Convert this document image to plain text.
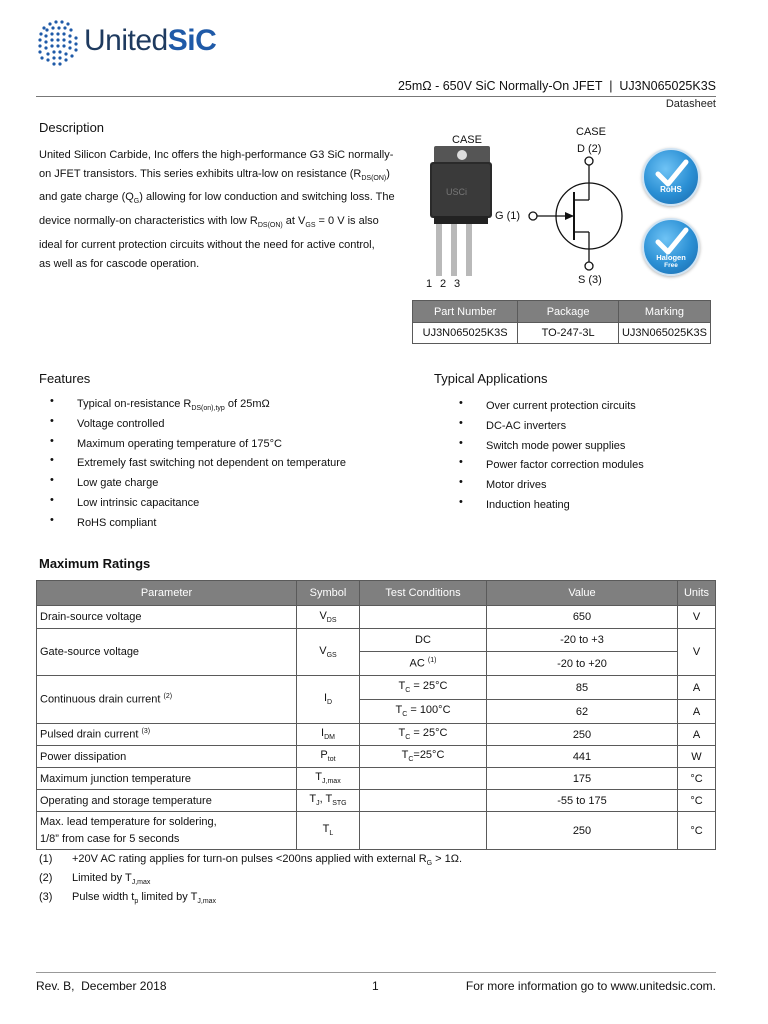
UnitedSiC
25mΩ - 650V SiC Normally-On JFET  |  UJ3N065025K3S
Datasheet
Description
United Silicon Carbide, Inc offers the high-performance G3 SiC normally-
on JFET transistors. This series exhibits ultra-low on resistance $(R_{DS(ON)})$
and gate charge $(Q_G)$ allowing for low conduction and switching loss. The
device normally-on characteristics with low $R_{DS(ON)}$ at $V_{GS} = 0$ V is also
ideal for current protection circuits without the need for active control,
as well as for cascode operation.
CASE
USCi
1 2 3
CASE
D (2)
G (1)
S (3)
RoHS
Halogen
Free
Part Number	Package	Marking
UJ3N065025K3S	TO-247-3L	UJ3N065025K3S
Features
• Typical on-resistance $R_{DS(on),typ}$ of 25mΩ
• Voltage controlled
• Maximum operating temperature of 175°C
• Extremely fast switching not dependent on temperature
• Low gate charge
• Low intrinsic capacitance
• RoHS compliant
Typical Applications
• Over current protection circuits
• DC-AC inverters
• Switch mode power supplies
• Power factor correction modules
• Motor drives
• Induction heating
Maximum Ratings
Parameter	Symbol	Test Conditions	Value	Units
Drain-source voltage	$V_{DS}$		650	V
Gate-source voltage	$V_{GS}$	DC	-20 to +3	V
		AC $^{(1)}$	-20 to +20	
Continuous drain current $^{(2)}$	$I_D$	$T_C = 25^\circ C$	85	A
		$T_C = 100^\circ C$	62	A
Pulsed drain current $^{(3)}$	$I_{DM}$	$T_C = 25^\circ C$	250	A
Power dissipation	$P_{tot}$	$T_C=25^\circ C$	441	W
Maximum junction temperature	$T_{J,max}$		175	°C
Operating and storage temperature	$T_J$, $T_{STG}$		-55 to 175	°C

Max. lead temperature for soldering,
1/8” from case for 5 seconds	$T_L$		250	°C
(1) +20V AC rating applies for turn-on pulses <200ns applied with external $R_G > 1\Omega$.
(2) Limited by $T_{J,max}$
(3) Pulse width $t_p$ limited by $T_{J,max}$
Rev. B,  December 2018	1	For more information go to www.unitedsic.com.
